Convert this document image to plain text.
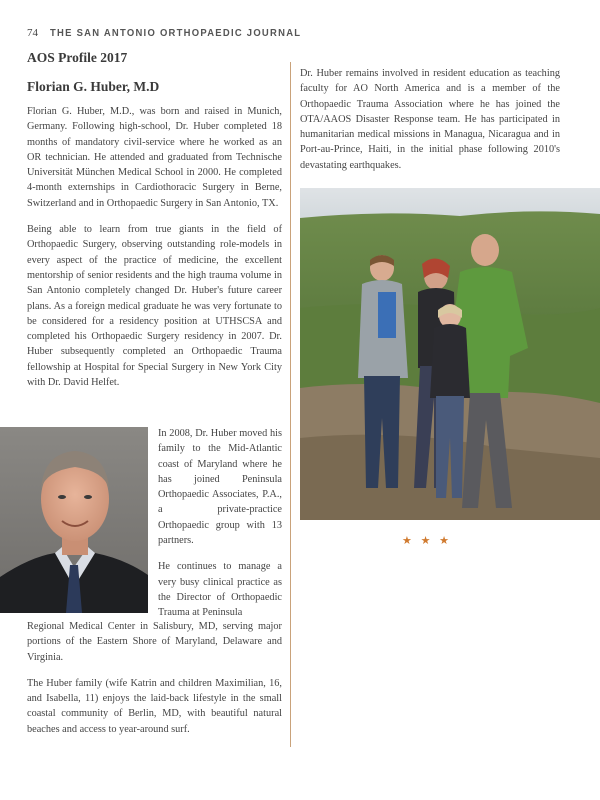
74 THE SAN ANTONIO ORTHOPAEDIC JOURNAL
AOS Profile 2017
Florian G. Huber, M.D

Florian G. Huber, M.D., was born and raised in Munich, Germany. Following high-school, Dr. Huber completed 18 months of mandatory civil-service where he worked as an OR technician. He attended and graduated from Technische Universität München Medical School in 2000. He completed 4-month externships in Cardiothoracic Surgery in Berne, Switzerland and in Orthopaedic Surgery in San Antonio, TX.

Being able to learn from true giants in the field of Orthopaedic Surgery, observing outstanding role-models in every aspect of the practice of medicine, the excellent mentorship of senior residents and the high trauma volume in San Antonio completely changed Dr. Huber's future career plans. As a foreign medical graduate he was very fortunate to be considered for a residency position at UTHSCSA and completed his Orthopaedic Surgery residency in 2007. Dr. Huber subsequently completed an Orthopaedic Trauma fellowship at Hospital for Special Surgery in New York City with Dr. David Helfet.

In 2008, Dr. Huber moved his family to the Mid-Atlantic coast of Maryland where he has joined Peninsula Orthopaedic Associates, P.A., a private-practice Orthopaedic group with 13 partners.

He continues to manage a very busy clinical practice as the Director of Orthopaedic Trauma at Peninsula

Regional Medical Center in Salisbury, MD, serving major portions of the Eastern Shore of Maryland, Delaware and Virginia.

The Huber family (wife Katrin and children Maximilian, 16, and Isabella, 11) enjoys the laid-back lifestyle in the small coastal community of Berlin, MD, with beautiful natural beaches and access to year-around surf.

Dr. Huber remains involved in resident education as teaching faculty for AO North America and is a member of the Orthopaedic Trauma Association where he has joined the OTA/AAOS Disaster Response team. He has participated in humanitarian medical missions in Managua, Nicaragua and in Port-au-Prince, Haiti, in the initial phase following 2010's devastating earthquakes.

★ ★ ★
